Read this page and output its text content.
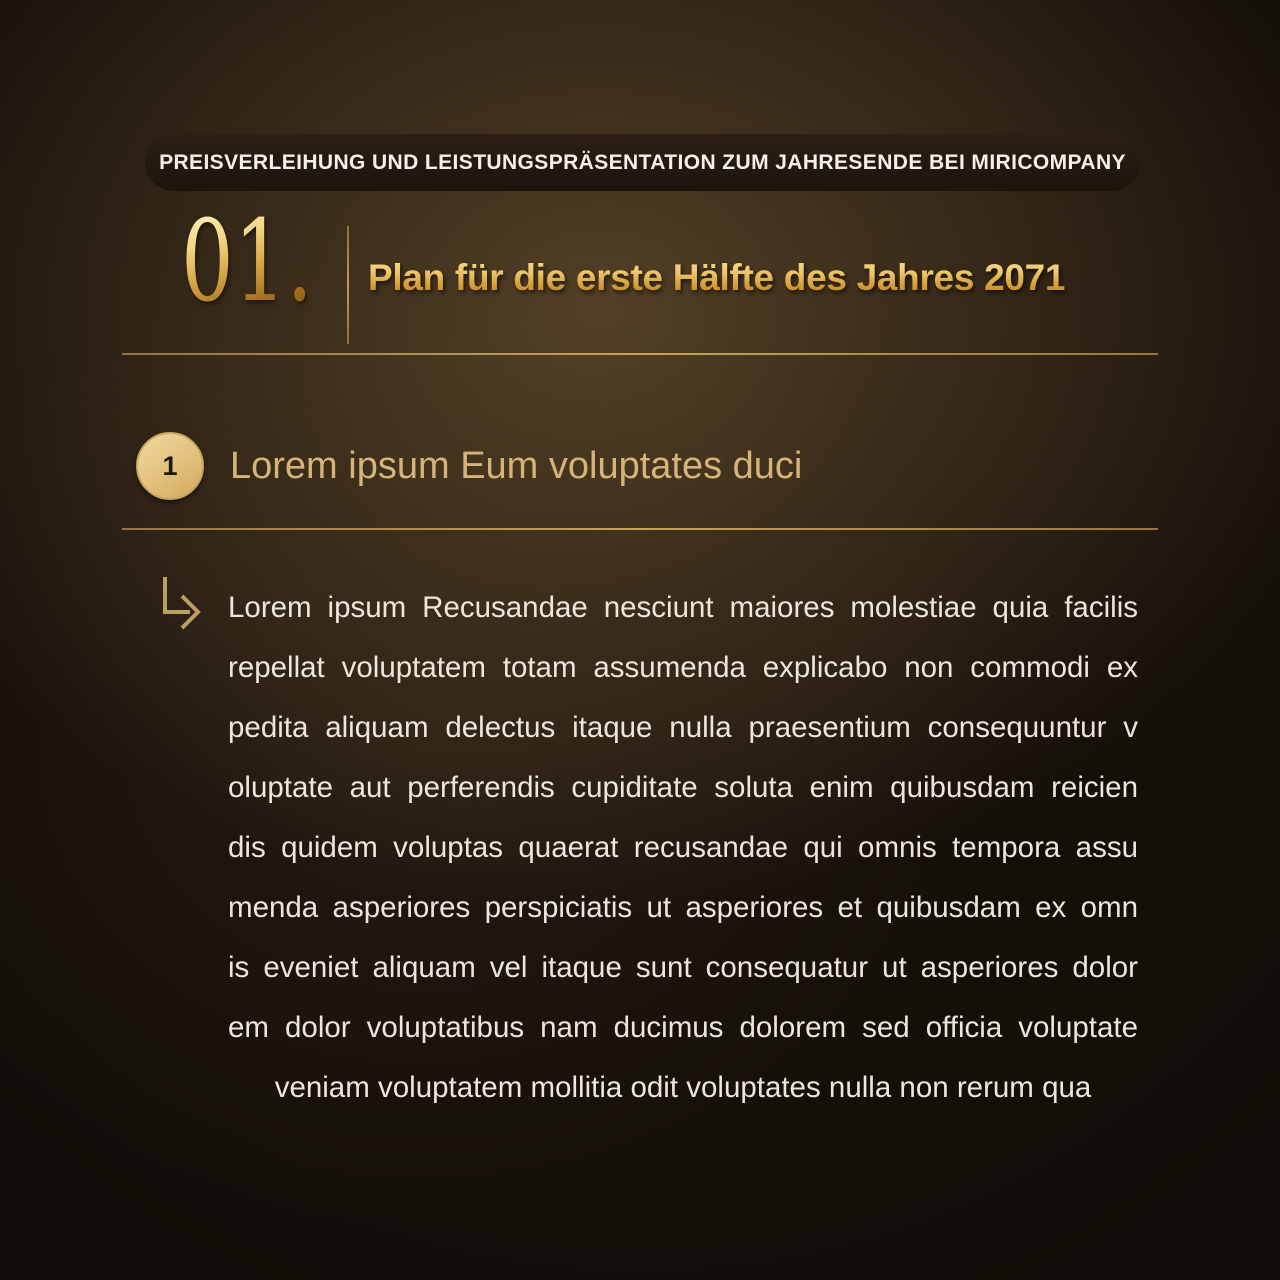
PREISVERLEIHUNG UND LEISTUNGSPRÄSENTATION ZUM JAHRESENDE BEI MIRICOMPANY
01. Plan für die erste Hälfte des Jahres 2071
1 Lorem ipsum Eum voluptates duci
Lorem ipsum Recusandae nesciunt maiores molestiae quia facilis
repellat voluptatem totam assumenda explicabo non commodi ex
pedita aliquam delectus itaque nulla praesentium consequuntur v
oluptate aut perferendis cupiditate soluta enim quibusdam reicien
dis quidem voluptas quaerat recusandae qui omnis tempora assu
menda asperiores perspiciatis ut asperiores et quibusdam ex omn
is eveniet aliquam vel itaque sunt consequatur ut asperiores dolor
em dolor voluptatibus nam ducimus dolorem sed officia voluptate
veniam voluptatem mollitia odit voluptates nulla non rerum qua
